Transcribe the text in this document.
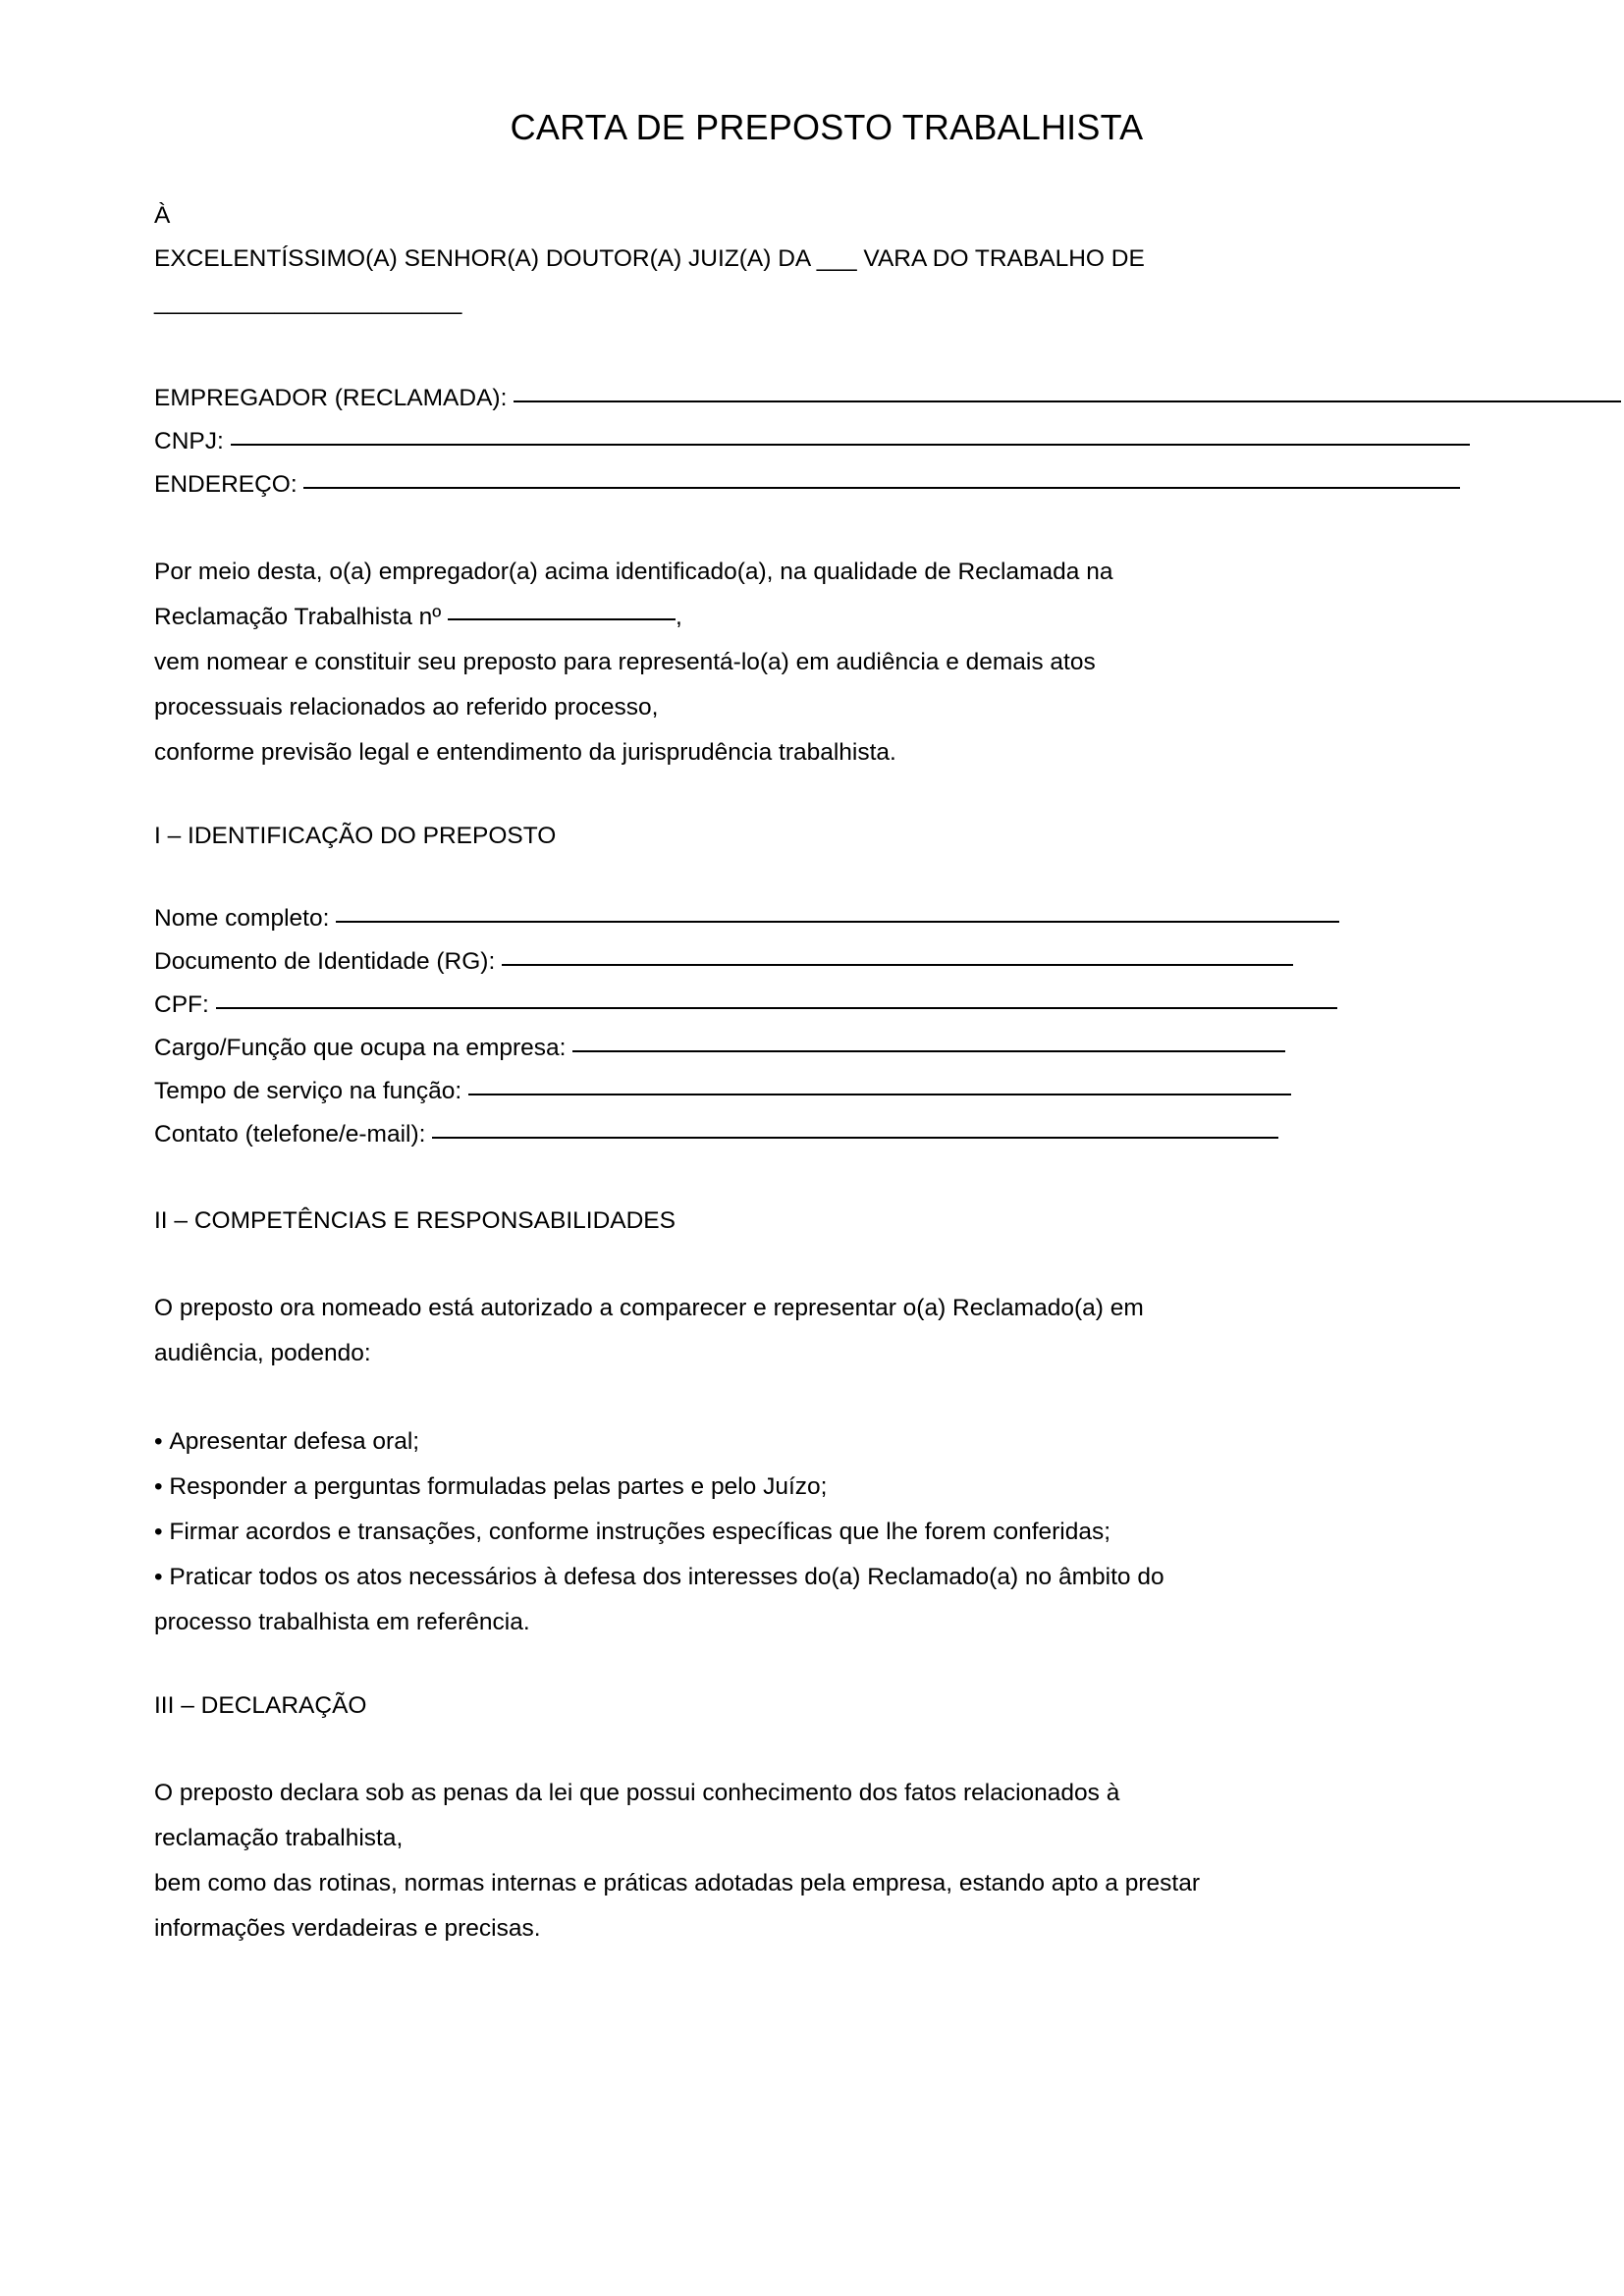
CARTA DE PREPOSTO TRABALHISTA
À
EXCELENTÍSSIMO(A) SENHOR(A) DOUTOR(A) JUIZ(A) DA ___ VARA DO TRABALHO DE
_______________________
EMPREGADOR (RECLAMADA):
CNPJ:
ENDEREÇO:
Por meio desta, o(a) empregador(a) acima identificado(a), na qualidade de Reclamada na
Reclamação Trabalhista nº	,
vem nomear e constituir seu preposto para representá-lo(a) em audiência e demais atos
processuais relacionados ao referido processo,
conforme previsão legal e entendimento da jurisprudência trabalhista.
I – IDENTIFICAÇÃO DO PREPOSTO
Nome completo:
Documento de Identidade (RG):
CPF:
Cargo/Função que ocupa na empresa:
Tempo de serviço na função:
Contato (telefone/e-mail):
II – COMPETÊNCIAS E RESPONSABILIDADES
O preposto ora nomeado está autorizado a comparecer e representar o(a) Reclamado(a) em
audiência, podendo:
• Apresentar defesa oral;
• Responder a perguntas formuladas pelas partes e pelo Juízo;
• Firmar acordos e transações, conforme instruções específicas que lhe forem conferidas;
• Praticar todos os atos necessários à defesa dos interesses do(a) Reclamado(a) no âmbito do
processo trabalhista em referência.
III – DECLARAÇÃO
O preposto declara sob as penas da lei que possui conhecimento dos fatos relacionados à
reclamação trabalhista,
bem como das rotinas, normas internas e práticas adotadas pela empresa, estando apto a prestar
informações verdadeiras e precisas.
